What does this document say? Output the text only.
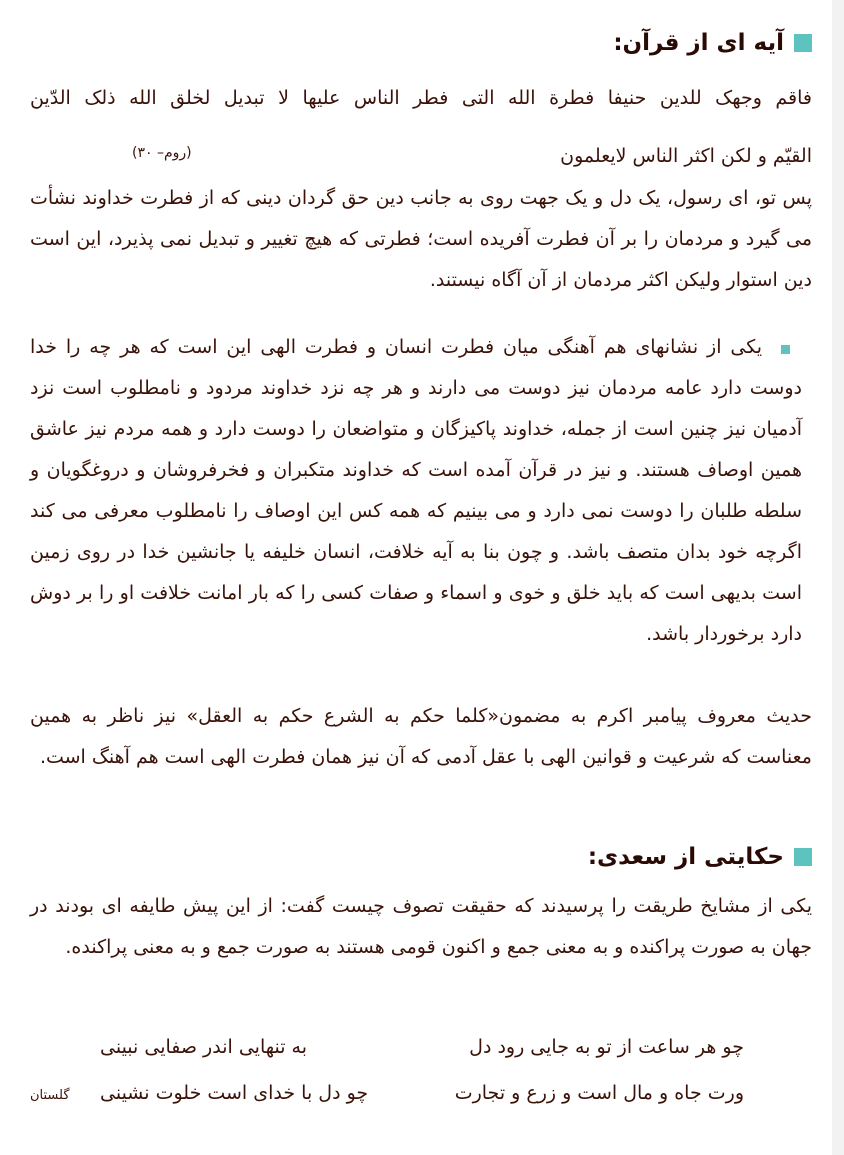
آیه ای از قرآن:
فاقم وجهک للدین حنیفا فطرة الله التی فطر الناس علیها لا تبدیل لخلق الله ذلک الدّین
القیّم و لکن اکثر الناس لایعلمون
(روم– ۳۰)

پس تو، ای رسول، یک دل و یک جهت روی به جانب دین حق گردان دینی که از فطرت خداوند نشأت می گیرد و مردمان را بر آن فطرت آفریده است؛ فطرتی که هیچ تغییر و تبدیل نمی پذیرد، این است دین استوار ولیکن اکثر مردمان از آن آگاه نیستند.

یکی از نشانهای هم آهنگی میان فطرت انسان و فطرت الهی این است که هر چه را خدا دوست دارد عامه مردمان نیز دوست می دارند و هر چه نزد خداوند مردود و نامطلوب است نزد آدمیان نیز چنین است از جمله، خداوند پاکیزگان و متواضعان را دوست دارد و همه مردم نیز عاشق همین اوصاف هستند. و نیز در قرآن آمده است که خداوند متکبران و فخرفروشان و دروغگویان و سلطه طلبان را دوست نمی دارد و می بینیم که همه کس این اوصاف را نامطلوب معرفی می کند اگرچه خود بدان متصف باشد. و چون بنا به آیه خلافت، انسان خلیفه یا جانشین خدا در روی زمین است بدیهی است که باید خلق و خوی و اسماء و صفات کسی را که بار امانت خلافت او را بر دوش دارد برخوردار باشد.

حدیث معروف پیامبر اکرم به مضمون«کلما حکم به الشرع حکم به العقل» نیز ناظر به همین معناست که شرعیت و قوانین الهی با عقل آدمی که آن نیز همان فطرت الهی است هم آهنگ است.

حکایتی از سعدی:

یکی از مشایخ طریقت را پرسیدند که حقیقت تصوف چیست گفت: از این پیش طایفه ای بودند در جهان به صورت پراکنده و به معنی جمع و اکنون قومی هستند به صورت جمع و به معنی پراکنده.

چو هر ساعت از تو به جایی رود دل
به تنهایی اندر صفایی نبینی
ورت جاه و مال است و زرع و تجارت
چو دل با خدای است خلوت نشینی
گلستان
